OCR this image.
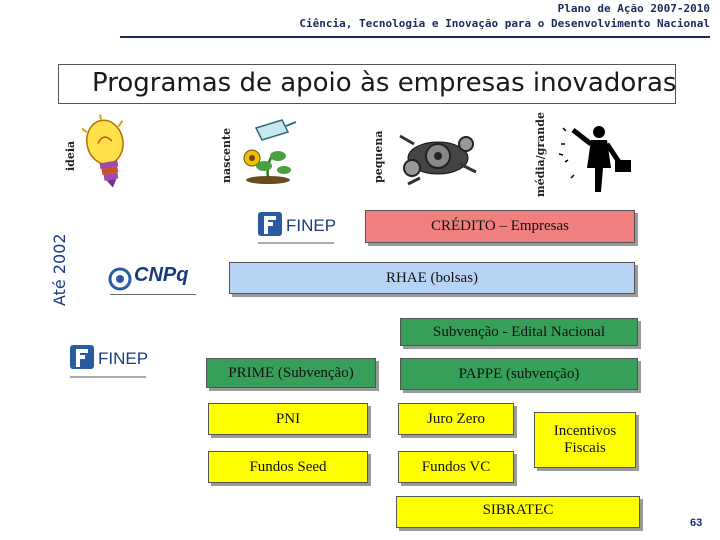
Plano de Ação 2007-2010
Ciência, Tecnologia e Inovação para o Desenvolvimento Nacional
Programas de apoio às empresas inovadoras
ideia	nascente	pequena	média/grande
Até 2002
FINEP
CNPq
FINEP
CRÉDITO – Empresas
RHAE (bolsas)
Subvenção - Edital Nacional
PRIME (Subvenção)	PAPPE (subvenção)
PNI	Juro Zero
Incentivos Fiscais
Fundos Seed	Fundos VC
SIBRATEC
63
